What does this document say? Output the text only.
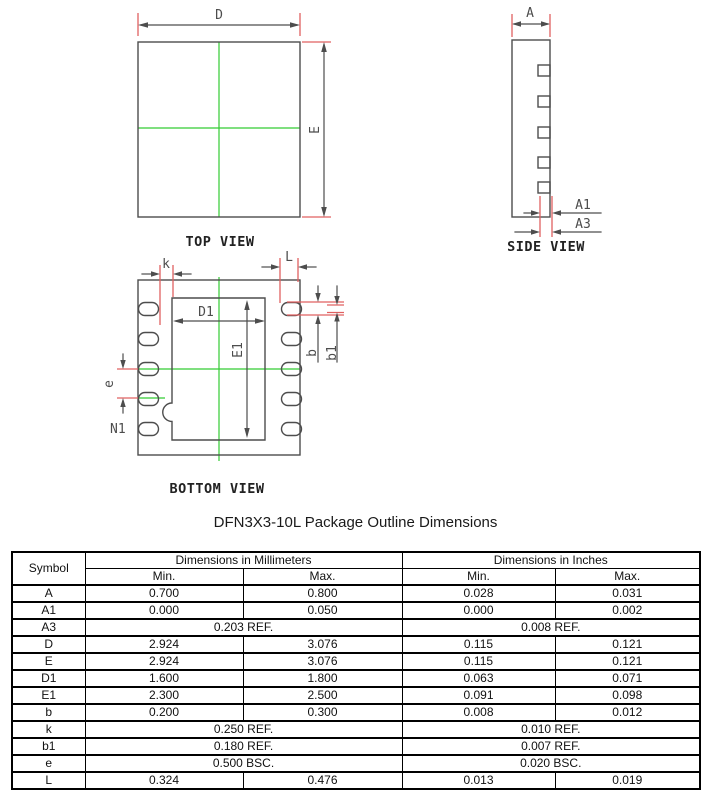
D
E
TOP VIEW
A
A1
A3
SIDE VIEW
k	L
D1
E1	b b1
e
N1
BOTTOM VIEW
DFN3X3-10L Package Outline Dimensions
Symbol	Dimensions in Millimeters		Dimensions in Inches	
	Min.	Max.	Min.	Max.
A	0.700	0.800	0.028	0.031
A1	0.000	0.050	0.000	0.002
A3	0.203 REF.		0.008 REF.	
D	2.924	3.076	0.115	0.121
E	2.924	3.076	0.115	0.121
D1	1.600	1.800	0.063	0.071
E1	2.300	2.500	0.091	0.098
b	0.200	0.300	0.008	0.012
k	0.250 REF.		0.010 REF.	
b1	0.180 REF.		0.007 REF.	
e	0.500 BSC.		0.020 BSC.	
L	0.324	0.476	0.013	0.019
